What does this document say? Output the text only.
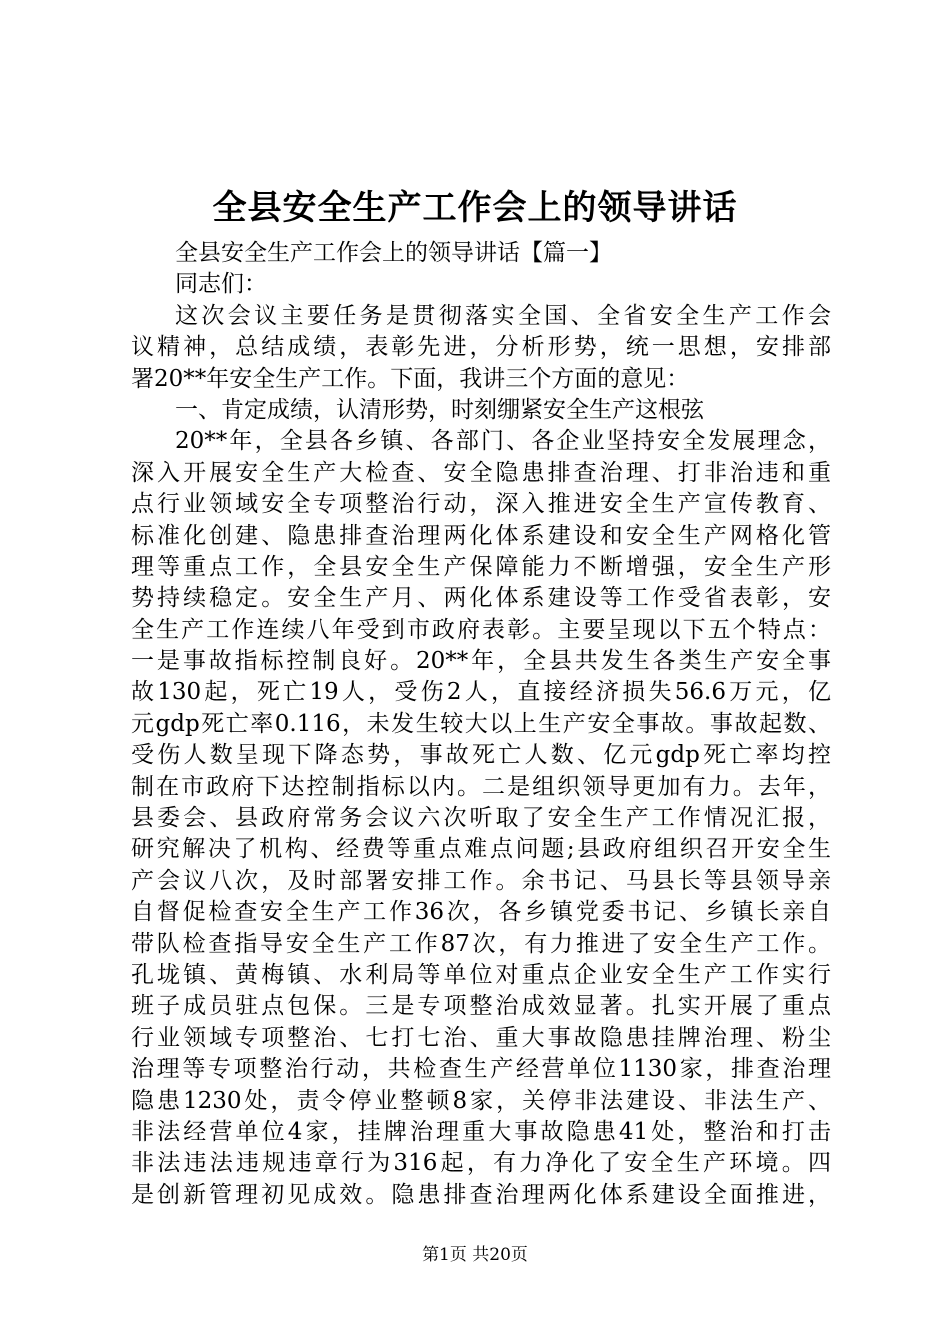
全县安全生产工作会上的领导讲话
全县安全生产工作会上的领导讲话【篇一】
同志们：
这次会议主要任务是贯彻落实全国、全省安全生产工作会
议精神，总结成绩，表彰先进，分析形势，统一思想，安排部
署20**年安全生产工作。下面，我讲三个方面的意见：
一、肯定成绩，认清形势，时刻绷紧安全生产这根弦
20**年，全县各乡镇、各部门、各企业坚持安全发展理念，
深入开展安全生产大检查、安全隐患排查治理、打非治违和重
点行业领域安全专项整治行动，深入推进安全生产宣传教育、
标准化创建、隐患排查治理两化体系建设和安全生产网格化管
理等重点工作，全县安全生产保障能力不断增强，安全生产形
势持续稳定。安全生产月、两化体系建设等工作受省表彰，安
全生产工作连续八年受到市政府表彰。主要呈现以下五个特点：
一是事故指标控制良好。20**年，全县共发生各类生产安全事
故130起，死亡19人，受伤2人，直接经济损失56.6万元，亿
元gdp死亡率0.116，未发生较大以上生产安全事故。事故起数、
受伤人数呈现下降态势，事故死亡人数、亿元gdp死亡率均控
制在市政府下达控制指标以内。二是组织领导更加有力。去年，
县委会、县政府常务会议六次听取了安全生产工作情况汇报，
研究解决了机构、经费等重点难点问题;县政府组织召开安全生
产会议八次，及时部署安排工作。余书记、马县长等县领导亲
自督促检查安全生产工作36次，各乡镇党委书记、乡镇长亲自
带队检查指导安全生产工作87次，有力推进了安全生产工作。
孔垅镇、黄梅镇、水利局等单位对重点企业安全生产工作实行
班子成员驻点包保。三是专项整治成效显著。扎实开展了重点
行业领域专项整治、七打七治、重大事故隐患挂牌治理、粉尘
治理等专项整治行动，共检查生产经营单位1130家，排查治理
隐患1230处，责令停业整顿8家，关停非法建设、非法生产、
非法经营单位4家，挂牌治理重大事故隐患41处，整治和打击
非法违法违规违章行为316起，有力净化了安全生产环境。四
是创新管理初见成效。隐患排查治理两化体系建设全面推进，
第1页 共20页
